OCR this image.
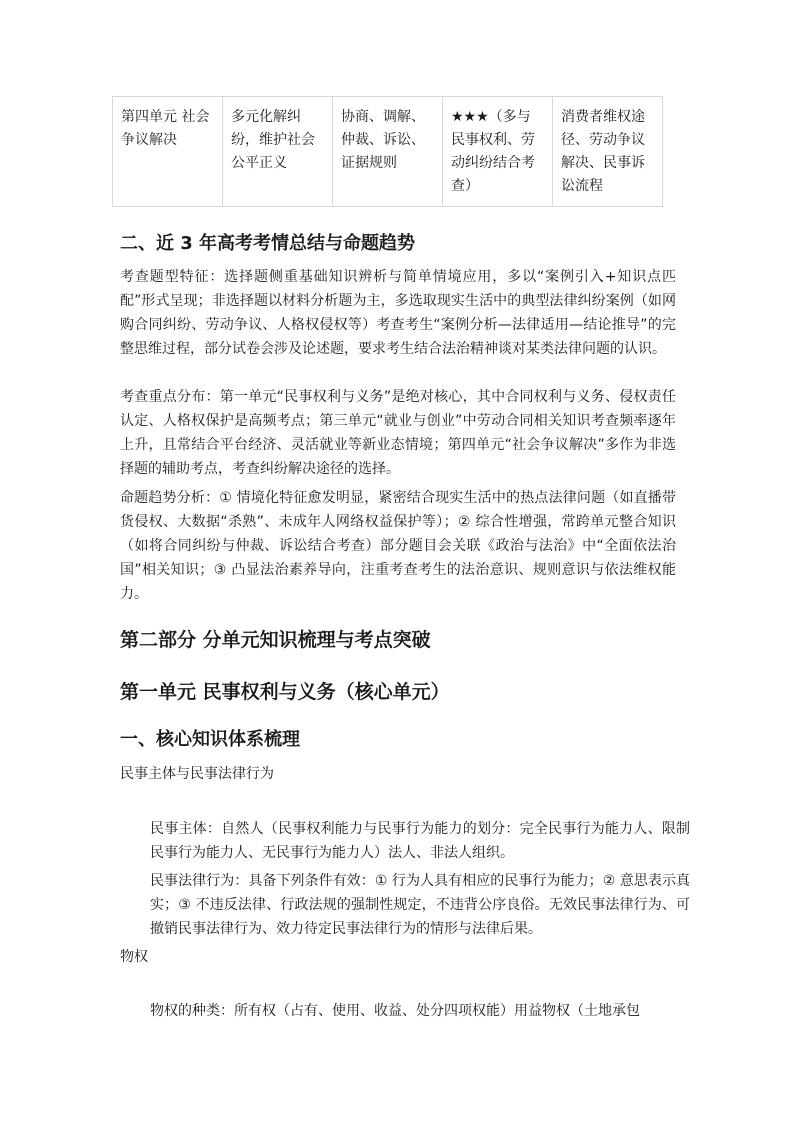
第四单元 社会争议解决	多元化解纠纷，维护社会公平正义	协商、调解、仲裁、诉讼、证据规则	★★★（多与民事权利、劳动纠纷结合考查）	消费者维权途径、劳动争议解决、民事诉讼流程
二、近 3 年高考考情总结与命题趋势

考查题型特征：选择题侧重基础知识辨析与简单情境应用，多以“案例引入+知识点匹配”形式呈现；非选择题以材料分析题为主，多选取现实生活中的典型法律纠纷案例（如网购合同纠纷、劳动争议、人格权侵权等）考查考生“案例分析—法律适用—结论推导”的完整思维过程，部分试卷会涉及论述题，要求考生结合法治精神谈对某类法律问题的认识。

考查重点分布：第一单元“民事权利与义务”是绝对核心，其中合同权利与义务、侵权责任认定、人格权保护是高频考点；第三单元“就业与创业”中劳动合同相关知识考查频率逐年上升，且常结合平台经济、灵活就业等新业态情境；第四单元“社会争议解决”多作为非选择题的辅助考点，考查纠纷解决途径的选择。

命题趋势分析：① 情境化特征愈发明显，紧密结合现实生活中的热点法律问题（如直播带货侵权、大数据“杀熟”、未成年人网络权益保护等）；② 综合性增强，常跨单元整合知识（如将合同纠纷与仲裁、诉讼结合考查）部分题目会关联《政治与法治》中“全面依法治国”相关知识；③ 凸显法治素养导向，注重考查考生的法治意识、规则意识与依法维权能力。

第二部分 分单元知识梳理与考点突破
第一单元 民事权利与义务（核心单元）
一、核心知识体系梳理

民事主体与民事法律行为

民事主体：自然人（民事权利能力与民事行为能力的划分：完全民事行为能力人、限制民事行为能力人、无民事行为能力人）法人、非法人组织。

民事法律行为：具备下列条件有效：① 行为人具有相应的民事行为能力；② 意思表示真实；③ 不违反法律、行政法规的强制性规定，不违背公序良俗。无效民事法律行为、可撤销民事法律行为、效力待定民事法律行为的情形与法律后果。

物权

物权的种类：所有权（占有、使用、收益、处分四项权能）用益物权（土地承包
